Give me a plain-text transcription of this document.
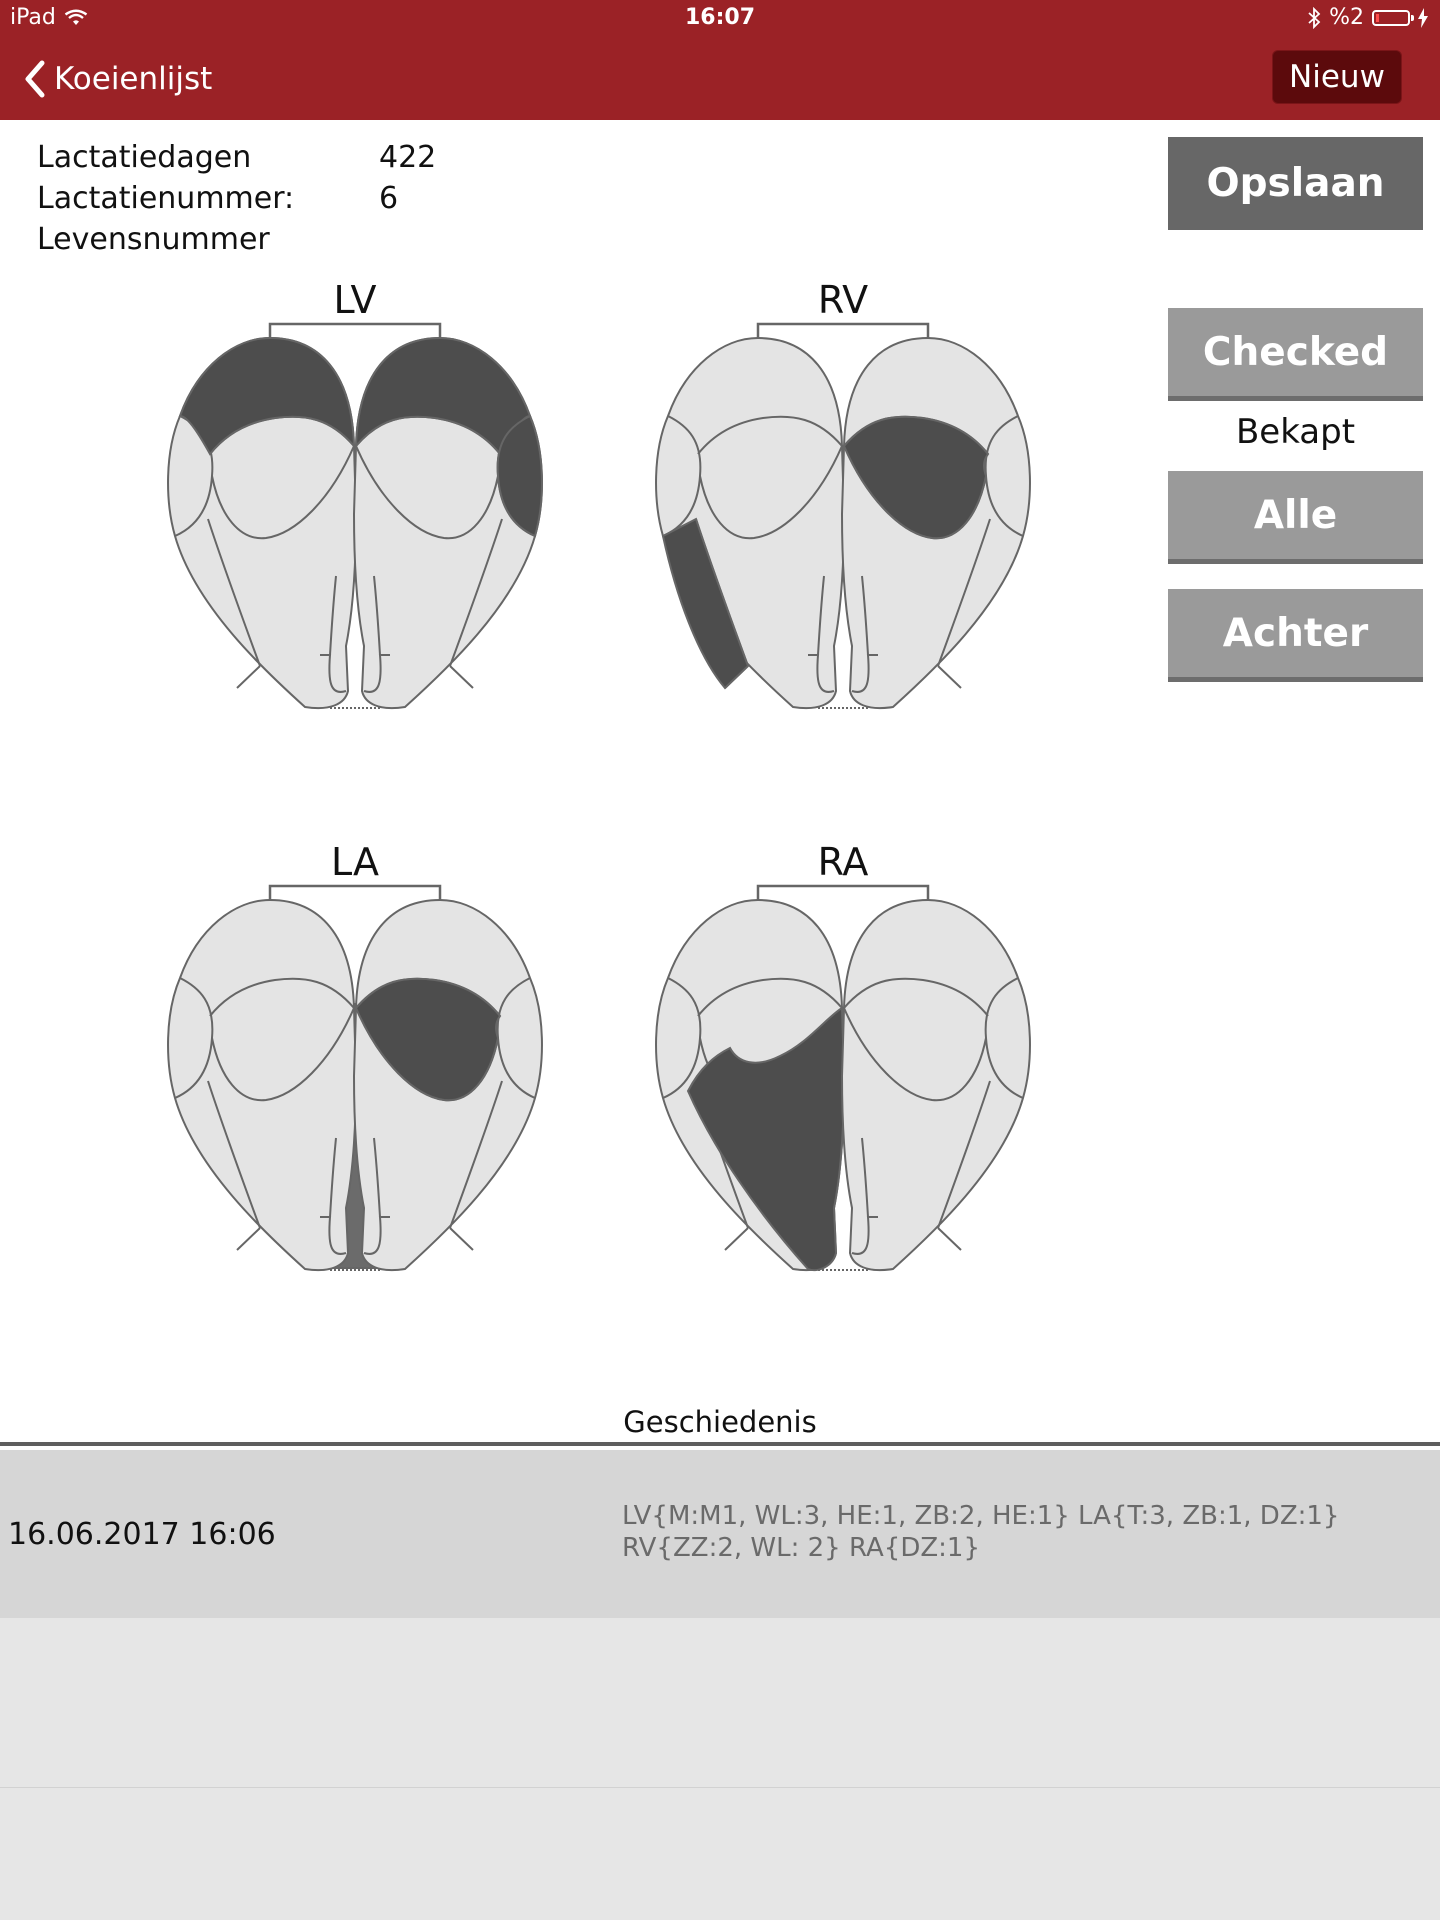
iPad	16:07	%2
Koeienlijst	Nieuw
Lactatiedagen	422
Lactatienummer:	6
Levensnummer
Opslaan
Checked
Bekapt
Alle
Achter
LV	RV
LA	RA
Geschiedenis
16.06.2017 16:06
LV{M:M1, WL:3, HE:1, ZB:2, HE:1} LA{T:3, ZB:1, DZ:1} RV{ZZ:2, WL: 2} RA{DZ:1}
